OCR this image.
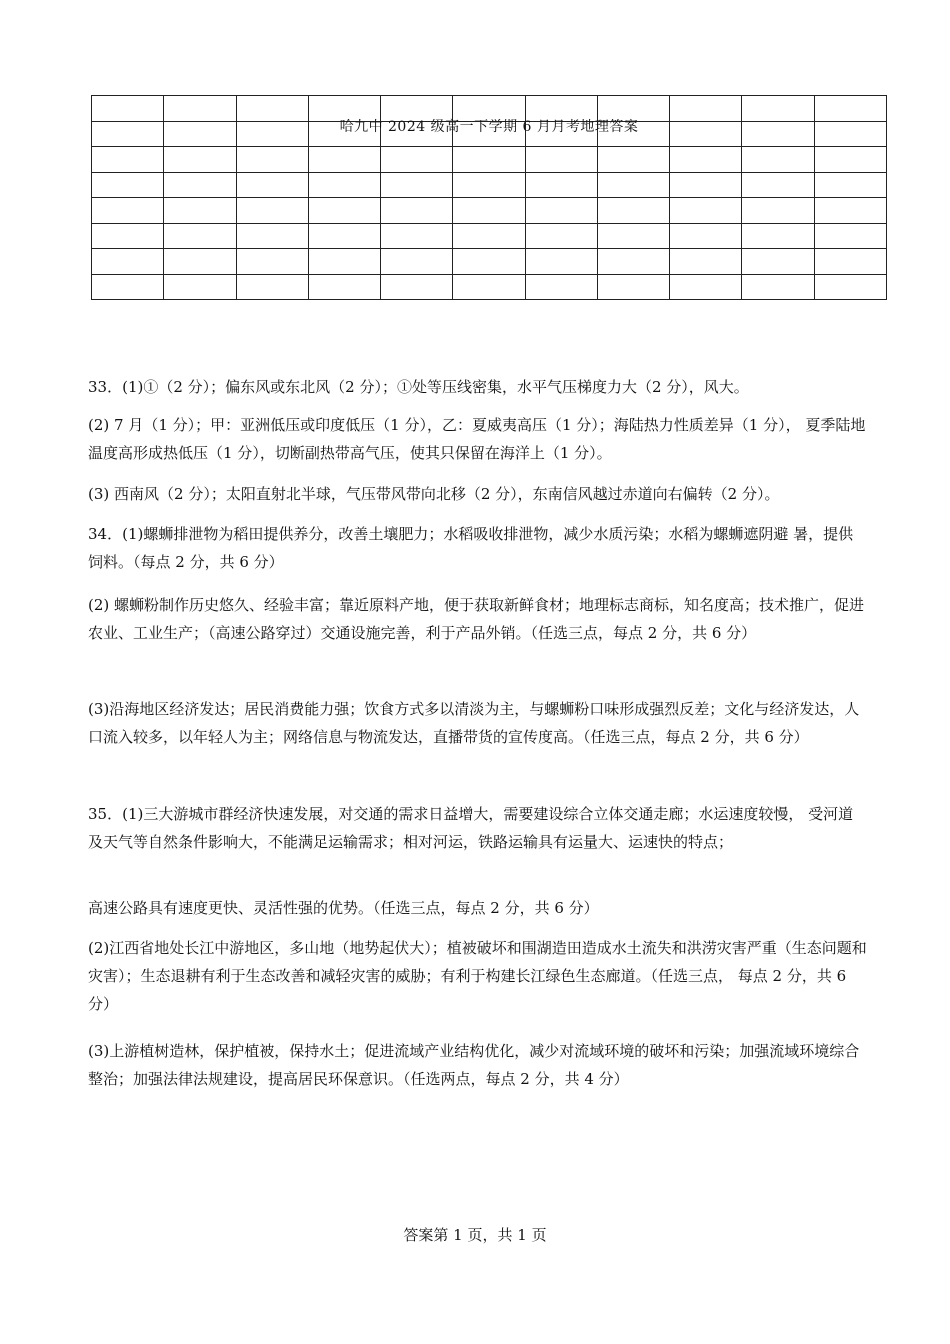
哈九中 2024 级高一下学期 6 月月考地理答案

33．(1)①（2 分）；偏东风或东北风（2 分）；①处等压线密集，水平气压梯度力大（2 分），风大。

(2) 7 月（1 分）；甲：亚洲低压或印度低压（1 分），乙：夏威夷高压（1 分）；海陆热力性质差异（1 分）， 夏季陆地温度高形成热低压（1 分），切断副热带高气压，使其只保留在海洋上（1 分）。

(3) 西南风（2 分）；太阳直射北半球，气压带风带向北移（2 分），东南信风越过赤道向右偏转（2 分）。

34．(1)螺蛳排泄物为稻田提供养分，改善土壤肥力；水稻吸收排泄物，减少水质污染；水稻为螺蛳遮阴避 暑，提供饲料。（每点 2 分，共 6 分）

(2) 螺蛳粉制作历史悠久、经验丰富；靠近原料产地，便于获取新鲜食材；地理标志商标，知名度高；技术推广，促进农业、工业生产；（高速公路穿过）交通设施完善，利于产品外销。（任选三点，每点 2 分，共 6 分）

(3)沿海地区经济发达；居民消费能力强；饮食方式多以清淡为主，与螺蛳粉口味形成强烈反差；文化与经济发达，人口流入较多，以年轻人为主；网络信息与物流发达，直播带货的宣传度高。（任选三点，每点 2 分，共 6 分）

35．(1)三大游城市群经济快速发展，对交通的需求日益增大，需要建设综合立体交通走廊；水运速度较慢， 受河道及天气等自然条件影响大，不能满足运输需求；相对河运，铁路运输具有运量大、运速快的特点；

高速公路具有速度更快、灵活性强的优势。（任选三点，每点 2 分，共 6 分）

(2)江西省地处长江中游地区，多山地（地势起伏大）；植被破坏和围湖造田造成水土流失和洪涝灾害严重（生态问题和灾害）；生态退耕有利于生态改善和减轻灾害的威胁；有利于构建长江绿色生态廊道。（任选三点， 每点 2 分，共 6 分）

(3)上游植树造林，保护植被，保持水土；促进流域产业结构优化，减少对流域环境的破坏和污染；加强流域环境综合整治；加强法律法规建设，提高居民环保意识。（任选两点，每点 2 分，共 4 分）

答案第 1 页，共 1 页
